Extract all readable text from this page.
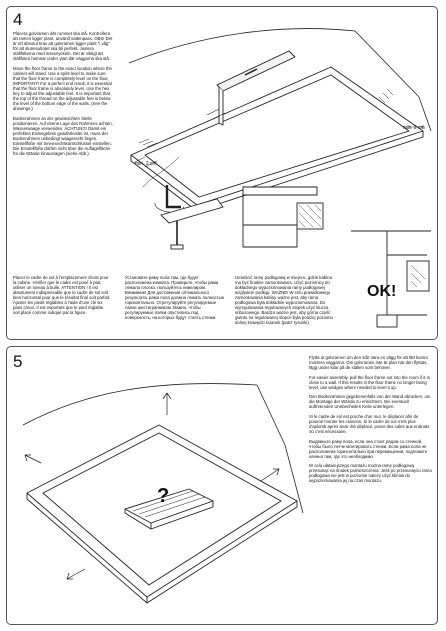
4

Placera golvramen där rummet ska stå. Kontrollera att ramen ligger plant, använd vattenpass. OBS! Det är ett absolut krav att golvramen ligger plant "i våg" för att slutresultatet ska bli perfekt. Justera ställfötterna med insexnyckeln. Det är viktigt att ställfoten hamnar under ytan där väggarna ska stå.

Move the floor frame to the exact location where the cabinet will stand. Use a spirit level to make sure that the floor frame is completely level on the floor, IMPORTANT! For a perfect end result, it is essential that the floor frame is absolutely level. Use the hex key to adjust the adjustable feet. It is important that the top of the thread on the adjustable feet is below the level of the bottom edge of the walls. (See the drawings.)

Bodenrahmen an der gewünschten Stelle positionieren. Auf ebene Lage des Rahmens achten, Wasserwaage verwenden. ACHTUNG! Damit ein perfektes Endergebnis gewährleistet ist, muss der Bodenrahmen unbedingt waagerecht liegen. Einstellfüße mit Innensechskantschlüssel einstellen. Die Einstellfüße dürfen nicht über die Auflagefläche für die Wände hinausragen (siehe Abb.).

Placer le cadre de sol à l'emplacement choisi pour la cabine. Vérifier que le cadre est posé à plat, utiliser un niveau à bulle. ATTENTION ! Il est absolument indispensable que le cadre de sol soit bien horizontal pour que le résultat final soit parfait. Ajuster les pieds réglables à l'aide d'une clé six pans creux. Il est important que le pied réglable soit placé comme indiqué par la figure.
Установите раму пола там, где будет расположена комната. Проверьте, чтобы рама лежала плоско, пользуйтесь нивелиром. Внимание! Для достижения оптимального результата, рама пола должна лежать полностью горизонтально. Отрегулируйте регулируемые лапки шестигранником. Важно, чтобы регулируемые лапки опустились под поверхность, на которых будут стоять стенки.
Umieścić ramę podłogową w miejscu, gdzie kabina ma być finalnie zamontowana. Użyć poziomicy do dokładnego wypoziomowania ramy podłogowej względem podłogi. WAŻNE! W celu prawidłowego zamontowania kabiny ważne jest, aby rama podłogowa była dokładnie wypoziomowana. Do wyregulowania regulowanych stopek użyć klucza imbusowego. Bardzo ważne jest, aby górna część gwintu na regulowanej stopce była poniżej poziomu dolnej krawędzi ścianek (patrz rysunki).
min. 2 cm
min. 2 cm.
OK!
5	Flytta ut golvramen om den står nära en vägg för att lätt kunna montera väggarna. Om golvramen inte är plan när den flyttats, lägg under kilar på de ställen som behöver.

For easier assembly, pull the floor frame out into the room if it is close to a wall. If this results in the floor frame no longer being level, use wedges where needed to level it up.

Den Bodenrahmen gegebenenfalls von der Wand abrücken, um die Montage der Wände zu erleichtern. Bei eventuell auftretenden Unebenheiten Keile unterlegen.

Si le cadre de sol est proche d'un mur, le déplacer afin de pouvoir monter les cloisons. Si le cadre de sol n'est plus d'aplomb après avoir été déplacé, poser des cales aux endroits où c'est nécessaire.

Выдвиньте раму пола, если она стоит рядом со стенкой, чтобы было легче монтировать стенки. Если рама пола не расположена горизонтально при перемещении, подложите клинья там, где это необходимо.

W celu ułatwiejszego montażu można ramę podłogową przesunąć na środek pomieszczenia. Jeśli po przesunięciu rama podłogowa nie jest w poziomie należy użyć klinów do wypoziomowania jej na czas montażu.

?
